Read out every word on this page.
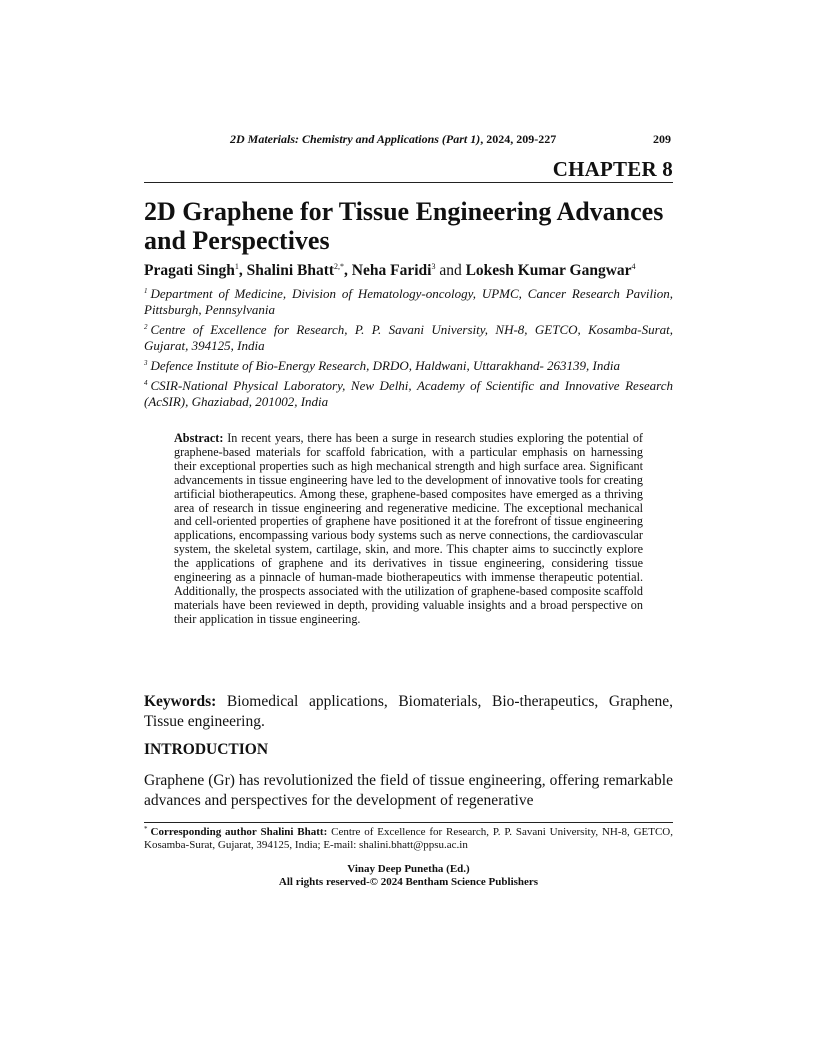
2D Materials: Chemistry and Applications (Part 1), 2024, 209-227	209
CHAPTER 8
2D Graphene for Tissue Engineering Advances and Perspectives
Pragati Singh$^1$, Shalini Bhatt$^{2,*}$, Neha Faridi$^3$ and Lokesh Kumar Gangwar$^4$

$^1$ Department of Medicine, Division of Hematology-oncology, UPMC, Cancer Research Pavilion, Pittsburgh, Pennsylvania

$^2$ Centre of Excellence for Research, P. P. Savani University, NH-8, GETCO, Kosamba-Surat, Gujarat, 394125, India

$^3$ Defence Institute of Bio-Energy Research, DRDO, Haldwani, Uttarakhand- 263139, India

$^4$ CSIR-National Physical Laboratory, New Delhi, Academy of Scientific and Innovative Research (AcSIR), Ghaziabad, 201002, India

Abstract: In recent years, there has been a surge in research studies exploring the potential of graphene-based materials for scaffold fabrication, with a particular emphasis on harnessing their exceptional properties such as high mechanical strength and high surface area. Significant advancements in tissue engineering have led to the development of innovative tools for creating artificial biotherapeutics. Among these, graphene-based composites have emerged as a thriving area of research in tissue engineering and regenerative medicine. The exceptional mechanical and cell-oriented properties of graphene have positioned it at the forefront of tissue engineering applications, encompassing various body systems such as nerve connections, the cardiovascular system, the skeletal system, cartilage, skin, and more. This chapter aims to succinctly explore the applications of graphene and its derivatives in tissue engineering, considering tissue engineering as a pinnacle of human-made biotherapeutics with immense therapeutic potential. Additionally, the prospects associated with the utilization of graphene-based composite scaffold materials have been reviewed in depth, providing valuable insights and a broad perspective on their application in tissue engineering.

Keywords: Biomedical applications, Biomaterials, Bio-therapeutics, Graphene, Tissue engineering.

INTRODUCTION

Graphene (Gr) has revolutionized the field of tissue engineering, offering remarkable advances and perspectives for the development of regenerative

* Corresponding author Shalini Bhatt: Centre of Excellence for Research, P. P. Savani University, NH-8, GETCO, Kosamba-Surat, Gujarat, 394125, India; E-mail: shalini.bhatt@ppsu.ac.in

Vinay Deep Punetha (Ed.)
All rights reserved-© 2024 Bentham Science Publishers
